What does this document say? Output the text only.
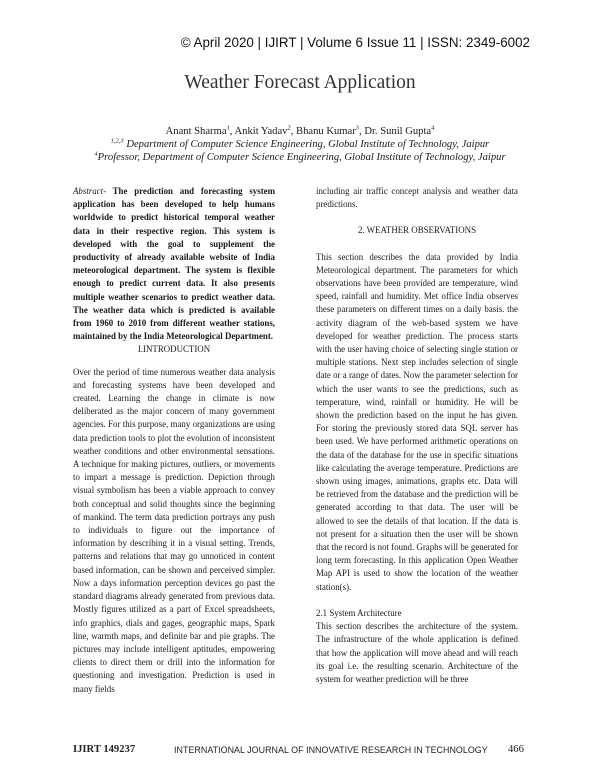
© April 2020 | IJIRT | Volume 6 Issue 11 | ISSN: 2349-6002
Weather Forecast Application
Anant Sharma$^1$, Ankit Yadav$^2$, Bhanu Kumar$^3$, Dr. Sunil Gupta$^4$
$^{1,2,3}$ Department of Computer Science Engineering, Global Institute of Technology, Jaipur
$^4$Professor, Department of Computer Science Engineering, Global Institute of Technology, Jaipur

Abstract- The prediction and forecasting system application has been developed to help humans worldwide to predict historical temporal weather data in their respective region. This system is developed with the goal to supplement the productivity of already available website of India meteorological department. The system is flexible enough to predict current data. It also presents multiple weather scenarios to predict weather data. The weather data which is predicted is available from 1960 to 2010 from different weather stations, maintained by the India Meteorological Department.

I.INTRODUCTION

Over the period of time numerous weather data analysis and forecasting systems have been developed and created. Learning the change in climate is now deliberated as the major concern of many government agencies. For this purpose, many organizations are using data prediction tools to plot the evolution of inconsistent weather conditions and other environmental sensations. A technique for making pictures, outliers, or movements to impart a message is prediction. Depiction through visual symbolism has been a viable approach to convey both conceptual and solid thoughts since the beginning of mankind. The term data prediction portrays any push to individuals to figure out the importance of information by describing it in a visual setting. Trends, patterns and relations that may go unnoticed in content based information, can be shown and perceived simpler. Now a days information perception devices go past the standard diagrams already generated from previous data. Mostly figures utilized as a part of Excel spreadsheets, info graphics, dials and gages, geographic maps, Spark line, warmth maps, and definite bar and pie graphs. The pictures may include intelligent aptitudes, empowering clients to direct them or drill into the information for questioning and investigation. Prediction is used in many fields

including air traffic concept analysis and weather data predictions.

2. WEATHER OBSERVATIONS

This section describes the data provided by India Meteorological department. The parameters for which observations have been provided are temperature, wind speed, rainfall and humidity. Met office India observes these parameters on different times on a daily basis. the activity diagram of the web-based system we have developed for weather prediction. The process starts with the user having choice of selecting single station or multiple stations. Next step includes selection of single date or a range of dates. Now the parameter selection for which the user wants to see the predictions, such as temperature, wind, rainfall or humidity. He will be shown the prediction based on the input he has given. For storing the previously stored data SQL server has been used. We have performed arithmetic operations on the data of the database for the use in specific situations like calculating the average temperature. Predictions are shown using images, animations, graphs etc. Data will be retrieved from the database and the prediction will be generated according to that data. The user will be allowed to see the details of that location. If the data is not present for a situation then the user will be shown that the record is not found. Graphs will be generated for long term forecasting. In this application Open Weather Map API is used to show the location of the weather station(s).

2.1 System Architecture

This section describes the architecture of the system. The infrastructure of the whole application is defined that how the application will move ahead and will reach its goal i.e. the resulting scenario. Architecture of the system for weather prediction will be three

IJIRT 149237	INTERNATIONAL JOURNAL OF INNOVATIVE RESEARCH IN TECHNOLOGY 466
